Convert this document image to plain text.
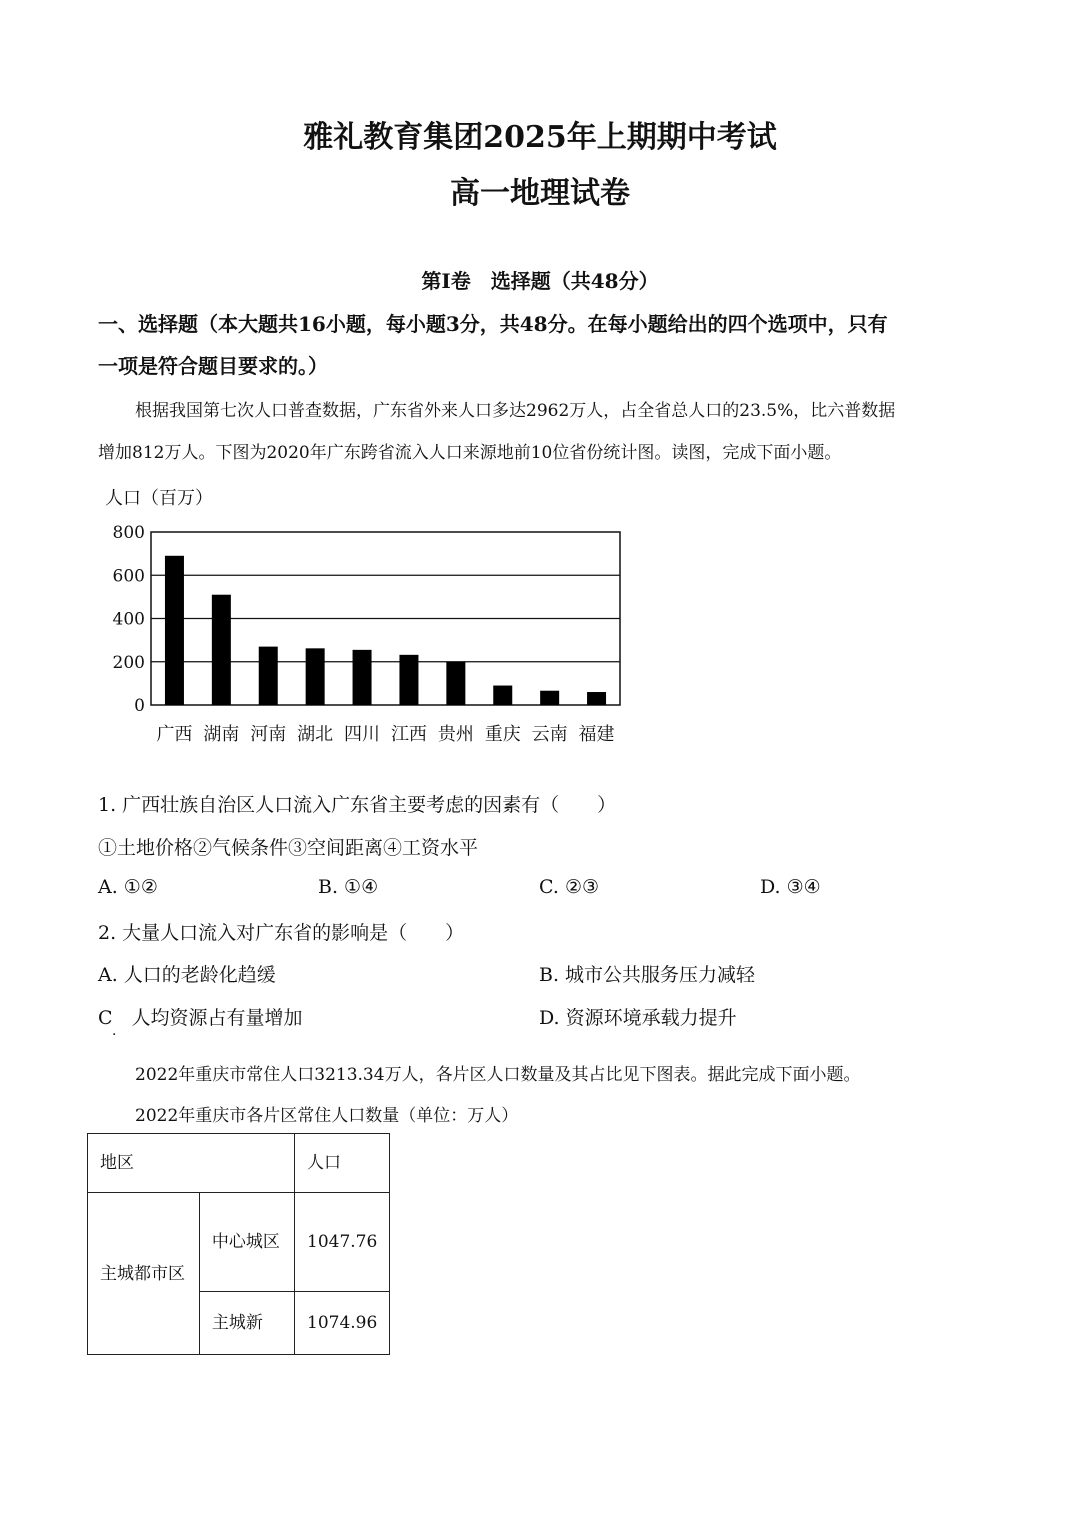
雅礼教育集团2025年上期期中考试
高一地理试卷
第Ⅰ卷　选择题（共48分）
一、选择题（本大题共16小题，每小题3分，共48分。在每小题给出的四个选项中，只有
一项是符合题目要求的。）
根据我国第七次人口普查数据，广东省外来人口多达2962万人，占全省总人口的23.5%，比六普数据
增加812万人。下图为2020年广东跨省流入人口来源地前10位省份统计图。读图，完成下面小题。
人口（百万）
0
200
400
600
800
广西 湖南 河南 湖北 四川 江西 贵州 重庆 云南 福建
1. 广西壮族自治区人口流入广东省主要考虑的因素有（　　）
①土地价格②气候条件③空间距离④工资水平
A. ①②	B. ①④	C. ②③	D. ③④
2. 大量人口流入对广东省的影响是（　　）
A. 人口的老龄化趋缓	B. 城市公共服务压力减轻
C　人均资源占有量增加	D. 资源环境承载力提升
·
2022年重庆市常住人口3213.34万人，各片区人口数量及其占比见下图表。据此完成下面小题。
2022年重庆市各片区常住人口数量（单位：万人）
地区		人口
主城都市区	中心城区	1047.76
	主城新	1074.96
